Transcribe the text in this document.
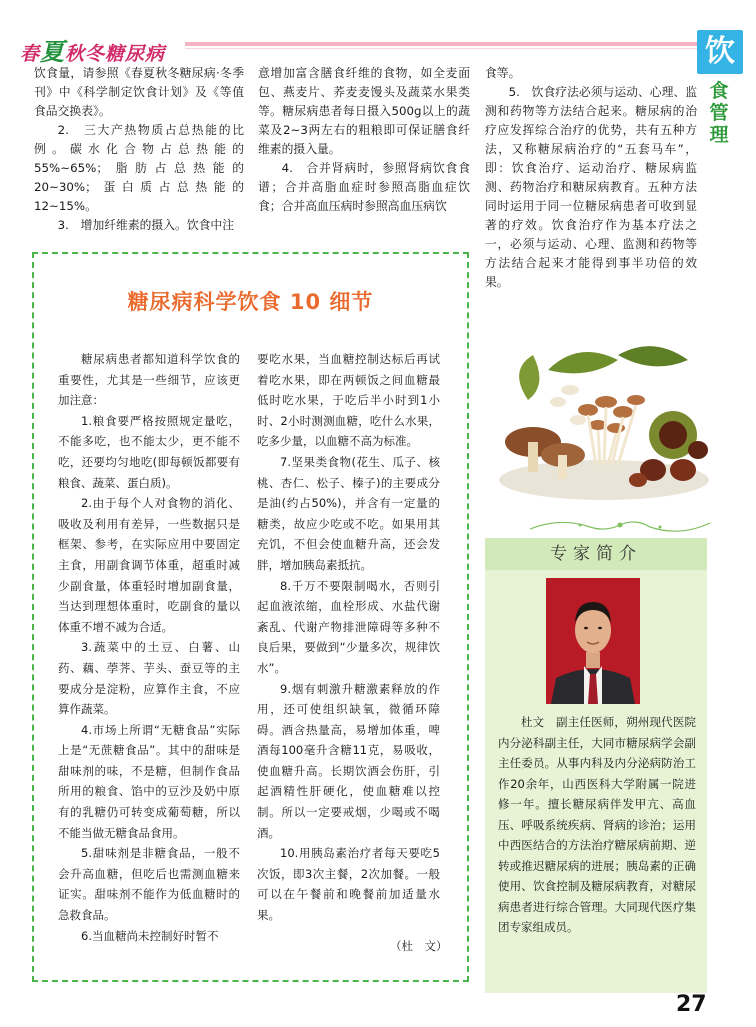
春夏秋冬糖尿病	饮
食管理

饮食量，请参照《春夏秋冬糖尿病·冬季刊》中《科学制定饮食计划》及《等值食品交换表》。

2.　三大产热物质占总热能的比例。碳水化合物占总热能的55%~65%；脂肪占总热能的20~30%；蛋白质占总热能的12~15%。

3.　增加纤维素的摄入。饮食中注

意增加富含膳食纤维的食物，如全麦面包、燕麦片、荞麦麦馒头及蔬菜水果类等。糖尿病患者每日摄入500g以上的蔬菜及2~3两左右的粗粮即可保证膳食纤维素的摄入量。

4.　合并肾病时，参照肾病饮食食谱；合并高脂血症时参照高脂血症饮食；合并高血压病时参照高血压病饮

食等。

5.　饮食疗法必须与运动、心理、监测和药物等方法结合起来。糖尿病的治疗应发挥综合治疗的优势，共有五种方法，又称糖尿病治疗的“五套马车”，即：饮食治疗、运动治疗、糖尿病监测、药物治疗和糖尿病教育。五种方法同时运用于同一位糖尿病患者可收到显著的疗效。饮食治疗作为基本疗法之一，必须与运动、心理、监测和药物等方法结合起来才能得到事半功倍的效果。

糖尿病科学饮食 10 细节

糖尿病患者都知道科学饮食的重要性，尤其是一些细节，应该更加注意：

1.粮食要严格按照规定量吃，不能多吃，也不能太少，更不能不吃，还要均匀地吃(即每顿饭都要有粮食、蔬菜、蛋白质)。

2.由于每个人对食物的消化、吸收及利用有差异，一些数据只是框架、参考，在实际应用中要固定主食，用副食调节体重，超重时减少副食量，体重轻时增加副食量，当达到理想体重时，吃副食的量以体重不增不减为合适。

3.蔬菜中的土豆、白薯、山药、藕、荸荠、芋头、蚕豆等的主要成分是淀粉，应算作主食，不应算作蔬菜。

4.市场上所谓“无糖食品”实际上是“无蔗糖食品”。其中的甜味是甜味剂的味，不是糖，但制作食品所用的粮食、馅中的豆沙及奶中原有的乳糖仍可转变成葡萄糖，所以不能当做无糖食品食用。

5.甜味剂是非糖食品，一般不会升高血糖，但吃后也需测血糖来证实。甜味剂不能作为低血糖时的急救食品。

6.当血糖尚未控制好时暂不

要吃水果，当血糖控制达标后再试着吃水果，即在两顿饭之间血糖最低时吃水果，于吃后半小时到1小时、2小时测测血糖，吃什么水果，吃多少量，以血糖不高为标准。

7.坚果类食物(花生、瓜子、核桃、杏仁、松子、榛子)的主要成分是油(约占50%)，并含有一定量的糖类，故应少吃或不吃。如果用其充饥，不但会使血糖升高，还会发胖，增加胰岛素抵抗。

8.千万不要限制喝水，否则引起血液浓缩，血栓形成、水盐代谢紊乱、代谢产物排泄障碍等多种不良后果，要做到“少量多次，规律饮水”。

9.烟有刺激升糖激素释放的作用，还可使组织缺氧，微循环障碍。酒含热量高，易增加体重，啤酒每100毫升含糖11克，易吸收，使血糖升高。长期饮酒会伤肝，引起酒精性肝硬化，使血糖难以控制。所以一定要戒烟，少喝或不喝酒。

10.用胰岛素治疗者每天要吃5次饭，即3次主餐，2次加餐。一般可以在午餐前和晚餐前加适量水果。

（杜　文）
专家简介

杜文　副主任医师，朔州现代医院内分泌科副主任，大同市糖尿病学会副主任委员。从事内科及内分泌病防治工作20余年，山西医科大学附属一院进修一年。擅长糖尿病伴发甲亢、高血压、呼吸系统疾病、肾病的诊治；运用中西医结合的方法治疗糖尿病前期、逆转或推迟糖尿病的进展；胰岛素的正确使用、饮食控制及糖尿病教育，对糖尿病患者进行综合管理。大同现代医疗集团专家组成员。

27
